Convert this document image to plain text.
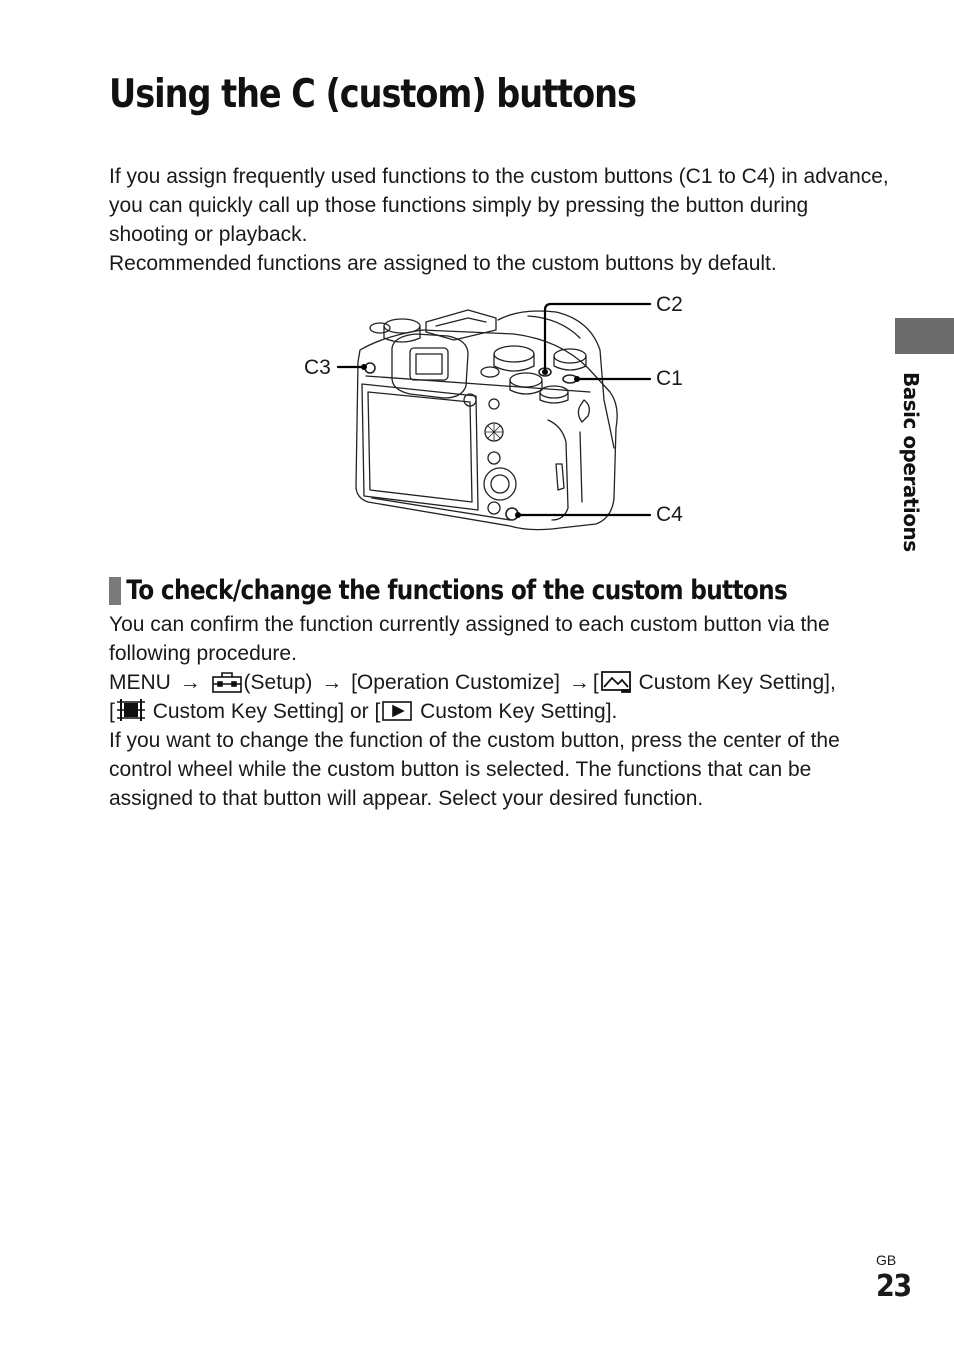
Using the C (custom) buttons

If you assign frequently used functions to the custom buttons (C1 to C4) in advance, you can quickly call up those functions simply by pressing the button during shooting or playback.

Recommended functions are assigned to the custom buttons by default.

C2
C1
C3
C4
To check/change the functions of the custom buttons

You can confirm the function currently assigned to each custom button via the following procedure.

MENU → (Setup) → [Operation Customize] → [ Custom Key Setting],
[ Custom Key Setting] or [ Custom Key Setting].

If you want to change the function of the custom button, press the center of the control wheel while the custom button is selected. The functions that can be assigned to that button will appear. Select your desired function.

Basic operations
GB
23
